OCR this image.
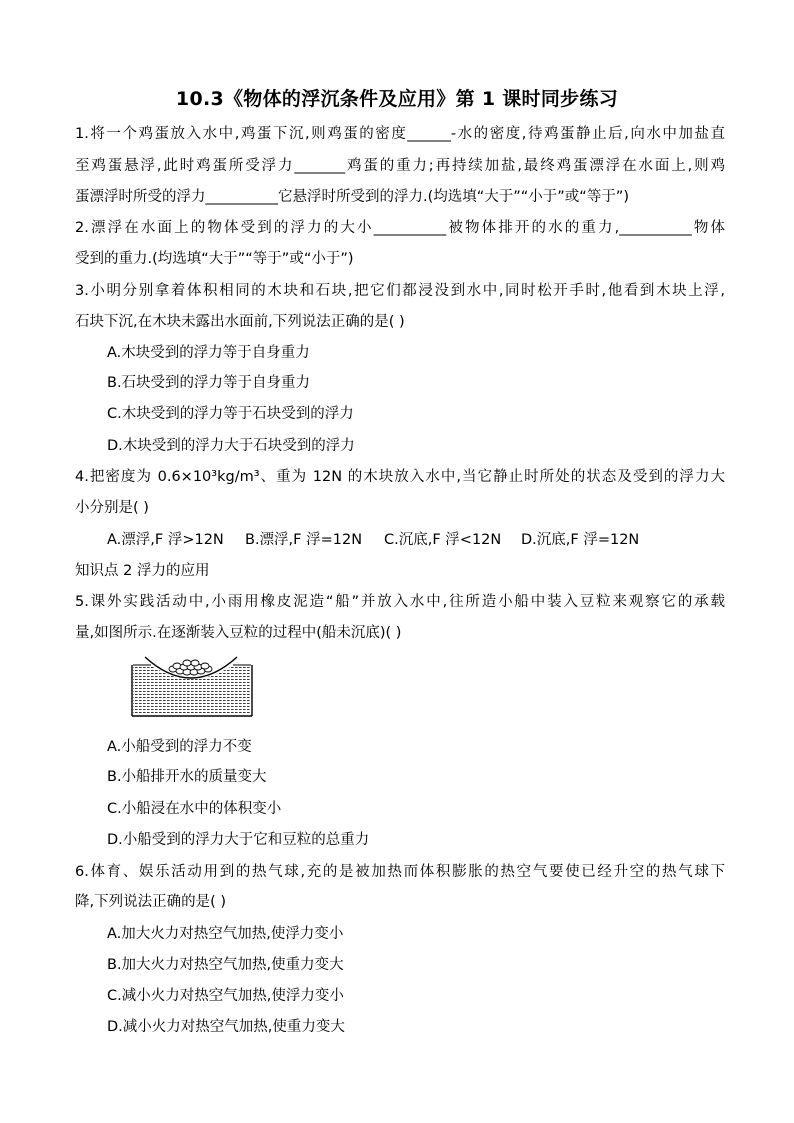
10.3《物体的浮沉条件及应用》第 1 课时同步练习
1.将一个鸡蛋放入水中,鸡蛋下沉,则鸡蛋的密度______-水的密度,待鸡蛋静止后,向水中加盐直
至鸡蛋悬浮,此时鸡蛋所受浮力_______鸡蛋的重力;再持续加盐,最终鸡蛋漂浮在水面上,则鸡
蛋漂浮时所受的浮力__________它悬浮时所受到的浮力.(均选填“大于”“小于”或“等于”)
2.漂浮在水面上的物体受到的浮力的大小__________被物体排开的水的重力,__________物体
受到的重力.(均选填“大于”“等于”或“小于”)
3.小明分别拿着体积相同的木块和石块,把它们都浸没到水中,同时松开手时,他看到木块上浮,
石块下沉,在木块未露出水面前,下列说法正确的是( )
A.木块受到的浮力等于自身重力
B.石块受到的浮力等于自身重力
C.木块受到的浮力等于石块受到的浮力
D.木块受到的浮力大于石块受到的浮力
4.把密度为 0.6×10³kg/m³、重为 12N 的木块放入水中,当它静止时所处的状态及受到的浮力大
小分别是( )
A.漂浮,F 浮>12N B.漂浮,F 浮=12N C.沉底,F 浮<12N D.沉底,F 浮=12N
知识点 2 浮力的应用
5.课外实践活动中,小雨用橡皮泥造“船”并放入水中,往所造小船中装入豆粒来观察它的承载
量,如图所示.在逐渐装入豆粒的过程中(船未沉底)( )
A.小船受到的浮力不变
B.小船排开水的质量变大
C.小船浸在水中的体积变小
D.小船受到的浮力大于它和豆粒的总重力
6.体育、娱乐活动用到的热气球,充的是被加热而体积膨胀的热空气要使已经升空的热气球下
降,下列说法正确的是( )
A.加大火力对热空气加热,使浮力变小
B.加大火力对热空气加热,使重力变大
C.减小火力对热空气加热,使浮力变小
D.减小火力对热空气加热,使重力变大
